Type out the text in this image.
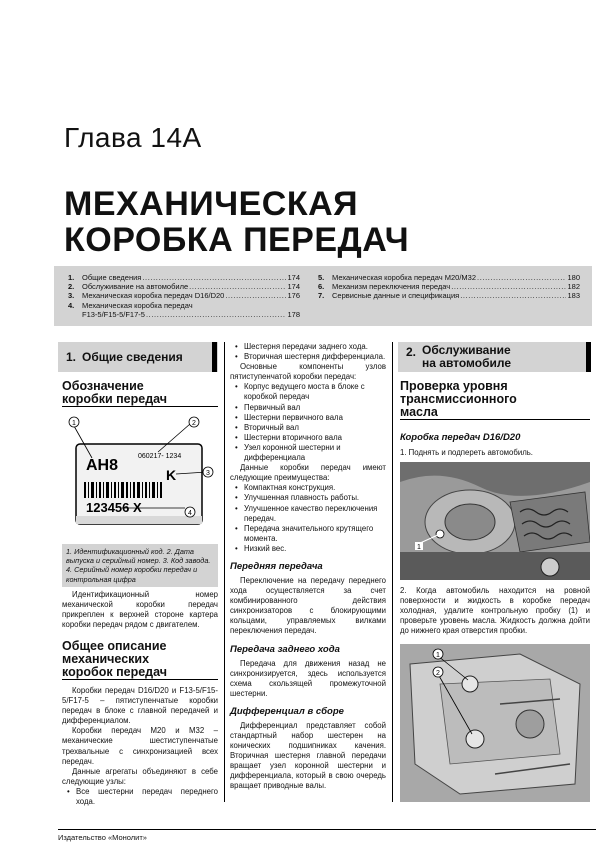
Глава 14A
МЕХАНИЧЕСКАЯ
КОРОБКА ПЕРЕДАЧ
1.	Общие сведения .....	174
2.	Обслуживание на автомобиле .....	174
3.	Механическая коробка передач D16/D20 .....	176
4.	Механическая коробка передач
F13-5/F15-5/F17-5 .....	178
5.	Механическая коробка передач M20/M32 .....	180
6.	Механизм переключения передач .....	182
7.	Сервисные данные и спецификация .....	183
1. Общие сведения
Обозначение
коробки передач
AH8
060217- 1234
K
123456 X
1	2
3
4
1. Идентификационный код. 2. Дата выпуска и серийный номер. 3. Код завода. 4. Серийный номер коробки передач и контрольная цифра

Идентификационный номер механической коробки передач прикреплен к верхней стороне картера коробки передач рядом с двигателем.

Общее описание
механических
коробок передач

Коробки передач D16/D20 и F13-5/F15-5/F17-5 – пятиступенчатые коробки передач в блоке с главной передачей и дифференциалом.

Коробки передач M20 и M32 – механические шестиступенчатые трехвальные с синхронизацией всех передач.

Данные агрегаты объединяют в себе следующие узлы:

• Все шестерни передач переднего хода.
• Шестерня передачи заднего хода.
• Вторичная шестерня дифференциала.

Основные компоненты узлов пятиступенчатой коробки передач:

• Корпус ведущего моста в блоке с коробкой передач
• Первичный вал
• Шестерни первичного вала
• Вторичный вал
• Шестерни вторичного вала
• Узел коронной шестерни и дифференциала

Данные коробки передач имеют следующие преимущества:

• Компактная конструкция.
• Улучшенная плавность работы.
• Улучшенное качество переключения передач.
• Передача значительного крутящего момента.
• Низкий вес.
Передняя передача

Переключение на передачу переднего хода осуществляется за счет комбинированного действия синхронизаторов с блокирующими кольцами, управляемых вилками переключения передач.

Передача заднего хода

Передача для движения назад не синхронизируется, здесь используется схема скользящей промежуточной шестерни.

Дифференциал в сборе

Дифференциал представляет собой стандартный набор шестерен на конических подшипниках качения. Вторичная шестерня главной передачи вращает узел коронной шестерни и дифференциала, который в свою очередь вращает приводные валы.

2. Обслуживание
на автомобиле
Проверка уровня
трансмиссионного
масла
Коробка передач D16/D20
1. Поднять и подпереть автомобиль.
1
2. Когда автомобиль находится на ровной поверхности и жидкость в коробке передач холодная, удалите контрольную пробку (1) и проверьте уровень масла. Жидкость должна дойти до нижнего края отверстия пробки.
1
2
Издательство «Монолит»
